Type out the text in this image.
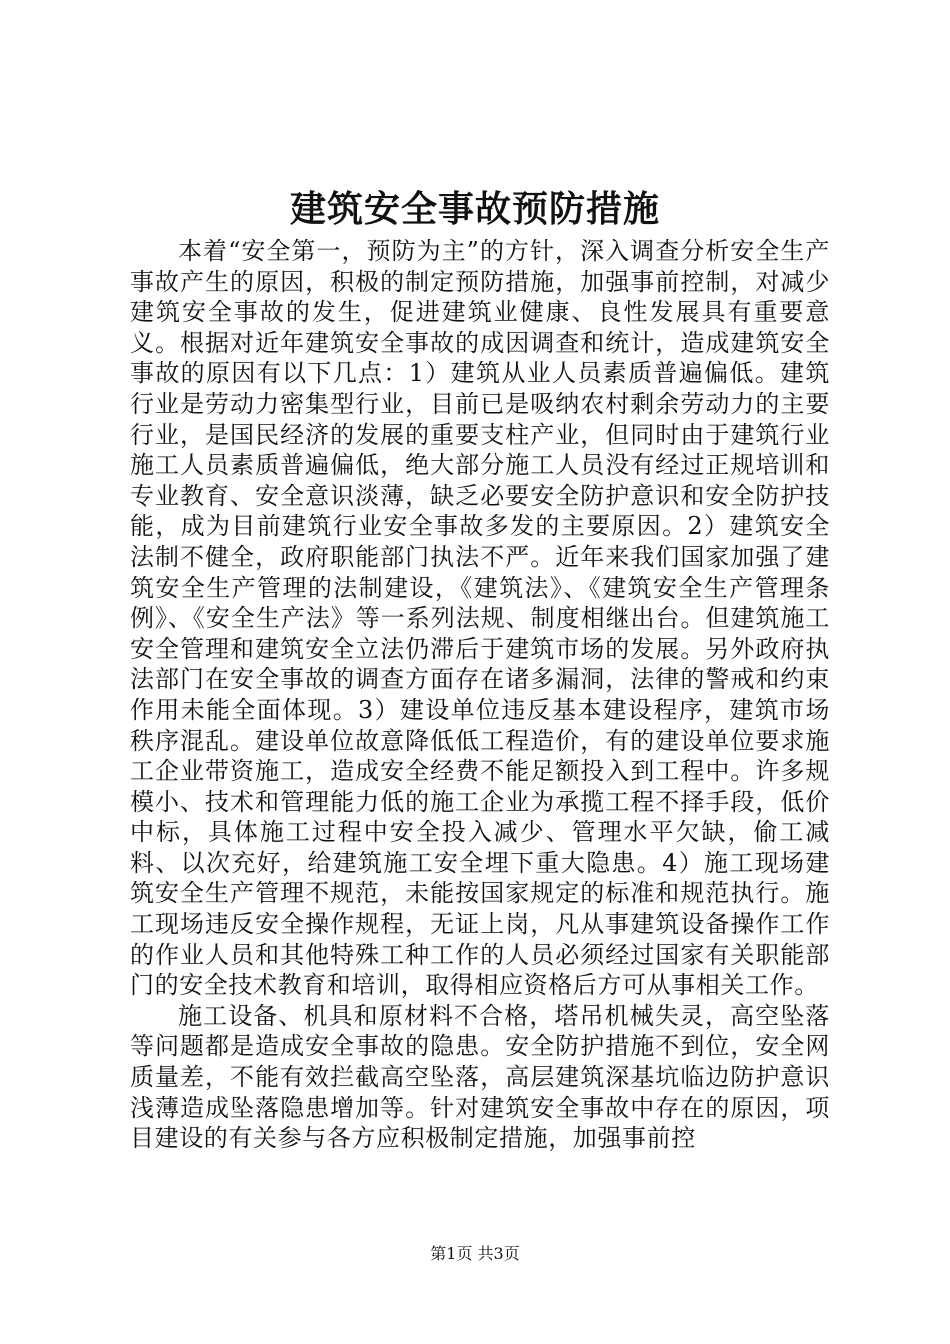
建筑安全事故预防措施

本着“安全第一，预防为主”的方针，深入调查分析安全生产事故产生的原因，积极的制定预防措施，加强事前控制，对减少建筑安全事故的发生，促进建筑业健康、良性发展具有重要意义。根据对近年建筑安全事故的成因调查和统计，造成建筑安全事故的原因有以下几点：1）建筑从业人员素质普遍偏低。建筑行业是劳动力密集型行业，目前已是吸纳农村剩余劳动力的主要行业，是国民经济的发展的重要支柱产业，但同时由于建筑行业施工人员素质普遍偏低，绝大部分施工人员没有经过正规培训和专业教育、安全意识淡薄，缺乏必要安全防护意识和安全防护技能，成为目前建筑行业安全事故多发的主要原因。2）建筑安全法制不健全，政府职能部门执法不严。近年来我们国家加强了建筑安全生产管理的法制建设，《建筑法》、《建筑安全生产管理条例》、《安全生产法》等一系列法规、制度相继出台。但建筑施工安全管理和建筑安全立法仍滞后于建筑市场的发展。另外政府执法部门在安全事故的调查方面存在诸多漏洞，法律的警戒和约束作用未能全面体现。3）建设单位违反基本建设程序，建筑市场秩序混乱。建设单位故意降低低工程造价，有的建设单位要求施工企业带资施工，造成安全经费不能足额投入到工程中。许多规模小、技术和管理能力低的施工企业为承揽工程不择手段，低价中标，具体施工过程中安全投入减少、管理水平欠缺，偷工减料、以次充好，给建筑施工安全埋下重大隐患。4）施工现场建筑安全生产管理不规范，未能按国家规定的标准和规范执行。施工现场违反安全操作规程，无证上岗，凡从事建筑设备操作工作的作业人员和其他特殊工种工作的人员必须经过国家有关职能部门的安全技术教育和培训，取得相应资格后方可从事相关工作。

施工设备、机具和原材料不合格，塔吊机械失灵，高空坠落等问题都是造成安全事故的隐患。安全防护措施不到位，安全网质量差，不能有效拦截高空坠落，高层建筑深基坑临边防护意识浅薄造成坠落隐患增加等。针对建筑安全事故中存在的原因，项目建设的有关参与各方应积极制定措施，加强事前控

第1页 共3页
